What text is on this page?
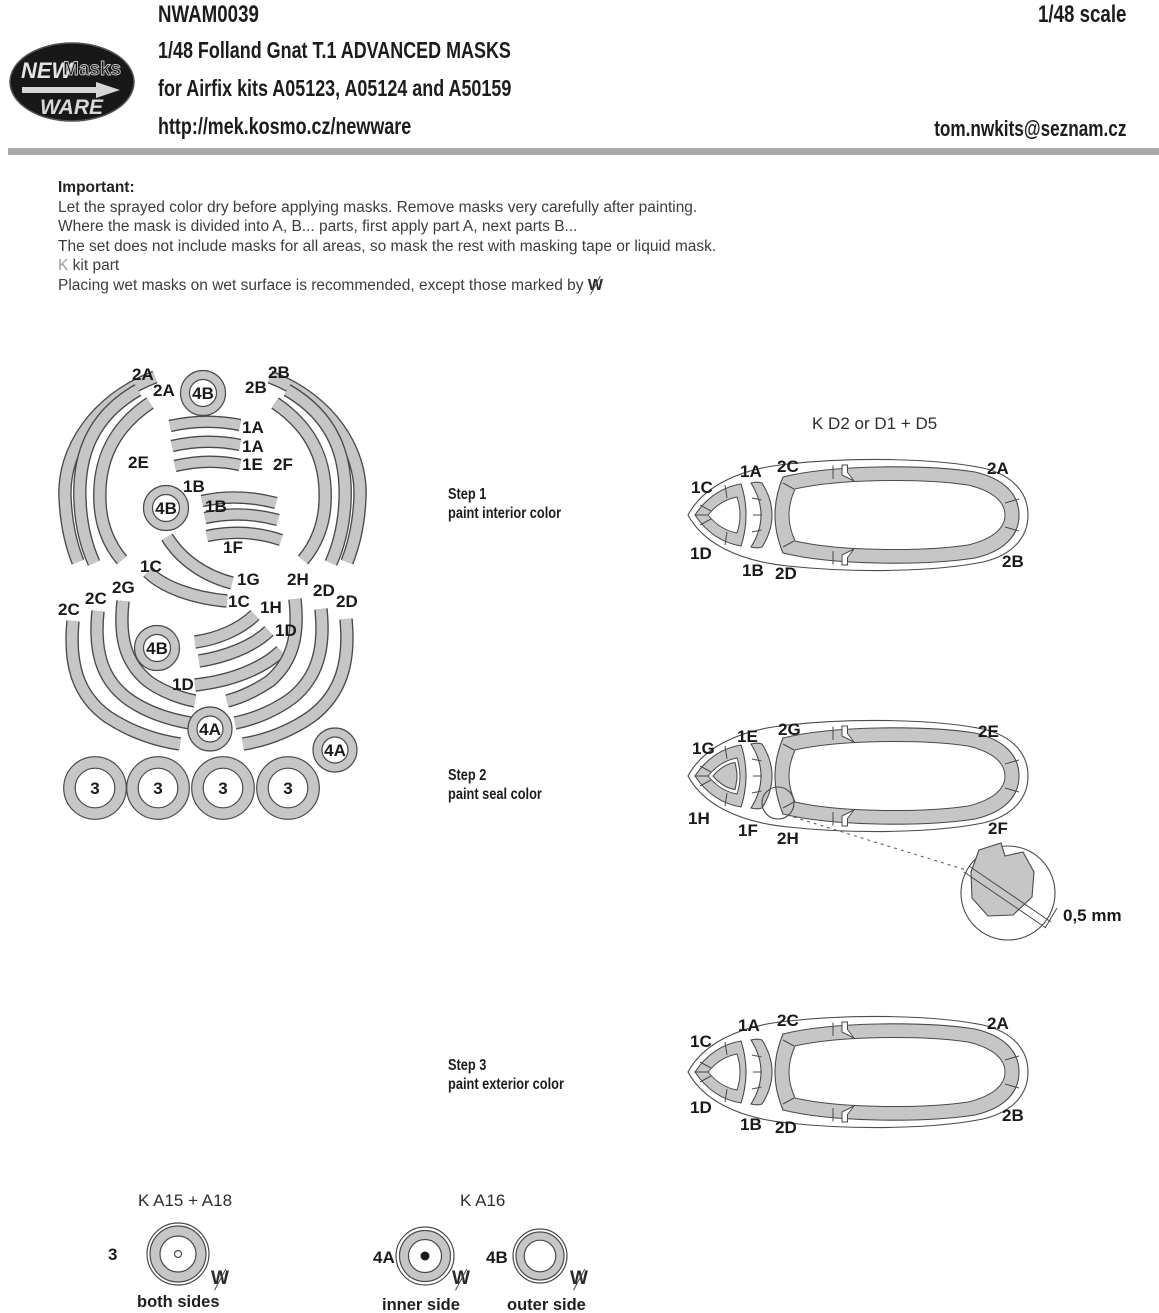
NEW
Masks
WARE
NWAM0039	1/48 scale
1/48 Folland Gnat T.1 ADVANCED MASKS
for Airfix kits A05123, A05124 and A50159
http://mek.kosmo.cz/newware	tom.nwkits@seznam.cz
Important:
Let the sprayed color dry before applying masks. Remove masks very carefully after painting.
Where the mask is divided into A, B... parts, first apply part A, next parts B...
The set does not include masks for all areas, so mask the rest with masking tape or liquid mask.
K kit part
Placing wet masks on wet surface is recommended, except those marked by W
2A
2A 4B
2B
2B
1A
1A
1E 2F
2E
1B
4B 1B
1F
1C
1G
1C
2G
2C
2C
2H
2D
2D
1H
1D
4B
1D
4A
4A
3	3	3	3
K D2 or D1 + D5
Step 1
paint interior color
1C
1A 2C	2A
1D
1B 2D
2B
Step 2
paint seal color
0,5 mm
1G
1E 2G	2E
1H
1F 2H
2F
Step 3
paint exterior color
1C
1A 2C	2A
1D
1B 2D
2B
K A15 + A18
3
W
both sides
K A16
4A
W
inner side
4B
W
outer side
